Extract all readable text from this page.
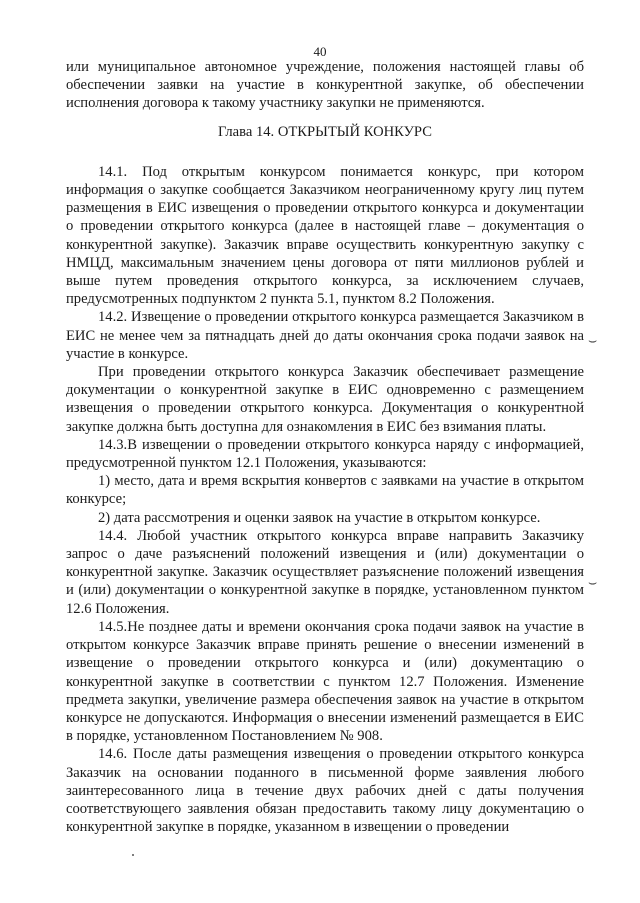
40

или муниципальное автономное учреждение, положения настоящей главы об обеспечении заявки на участие в конкурентной закупке, об обеспечении исполнения договора к такому участнику закупки не применяются.

Глава 14. ОТКРЫТЫЙ КОНКУРС

14.1. Под открытым конкурсом понимается конкурс, при котором информация о закупке сообщается Заказчиком неограниченному кругу лиц путем размещения в ЕИС извещения о проведении открытого конкурса и документации о проведении открытого конкурса (далее в настоящей главе – документация о конкурентной закупке). Заказчик вправе осуществить конкурентную закупку с НМЦД, максимальным значением цены договора от пяти миллионов рублей и выше путем проведения открытого конкурса, за исключением случаев, предусмотренных подпунктом 2 пункта 5.1, пунктом 8.2 Положения.

14.2. Извещение о проведении открытого конкурса размещается Заказчиком в ЕИС не менее чем за пятнадцать дней до даты окончания срока подачи заявок на участие в конкурсе.

При проведении открытого конкурса Заказчик обеспечивает размещение документации о конкурентной закупке в ЕИС одновременно с размещением извещения о проведении открытого конкурса. Документация о конкурентной закупке должна быть доступна для ознакомления в ЕИС без взимания платы.

14.3.В извещении о проведении открытого конкурса наряду с информацией, предусмотренной пунктом 12.1 Положения, указываются:

1) место, дата и время вскрытия конвертов с заявками на участие в открытом конкурсе;

2) дата рассмотрения и оценки заявок на участие в открытом конкурсе.

14.4. Любой участник открытого конкурса вправе направить Заказчику запрос о даче разъяснений положений извещения и (или) документации о конкурентной закупке. Заказчик осуществляет разъяснение положений извещения и (или) документации о конкурентной закупке в порядке, установленном пунктом 12.6 Положения.

14.5.Не позднее даты и времени окончания срока подачи заявок на участие в открытом конкурсе Заказчик вправе принять решение о внесении изменений в извещение о проведении открытого конкурса и (или) документацию о конкурентной закупке в соответствии с пунктом 12.7 Положения. Изменение предмета закупки, увеличение размера обеспечения заявок на участие в открытом конкурсе не допускаются. Информация о внесении изменений размещается в ЕИС в порядке, установленном Постановлением № 908.

14.6. После даты размещения извещения о проведении открытого конкурса Заказчик на основании поданного в письменной форме заявления любого заинтересованного лица в течение двух рабочих дней с даты получения соответствующего заявления обязан предоставить такому лицу документацию о конкурентной закупке в порядке, указанном в извещении о проведении

⌣
⌣
